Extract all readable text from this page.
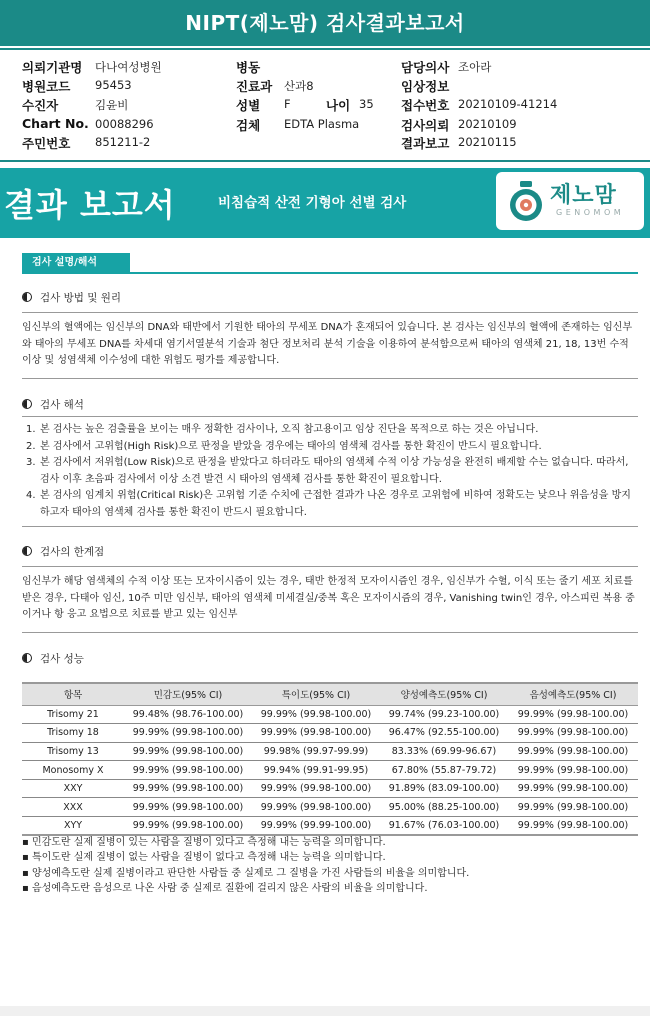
NIPT(제노맘) 검사결과보고서
의뢰기관명 다나여성병원
병원코드 95453
수진자	김윤비
Chart No. 00088296
주민번호 851211-2
병동
진료과 산과8
성별 F	나이 35
검체 EDTA Plasma
담당의사 조아라
임상정보
접수번호 20210109-41214
검사의뢰 20210109
결과보고 20210115
결과 보고서	비침습적 산전 기형아 선별 검사	제노맘
GENOMOM
검사 설명/해석
검사 방법 및 원리
임신부의 혈액에는 임신부의 DNA와 태반에서 기원한 태아의 무세포 DNA가 혼재되어 있습니다. 본 검사는 임신부의 혈액에 존재하는 임신부와 태아의 무세포 DNA를 차세대 염기서열분석 기술과 첨단 정보처리 분석 기술을 이용하여 분석함으로써 태아의 염색체 21, 18, 13번 수적 이상 및 성염색체 이수성에 대한 위험도 평가를 제공합니다.
검사 해석
1. 본 검사는 높은 검출률을 보이는 매우 정확한 검사이나, 오직 참고용이고 임상 진단을 목적으로 하는 것은 아닙니다.
2. 본 검사에서 고위험(High Risk)으로 판정을 받았을 경우에는 태아의 염색체 검사를 통한 확진이 반드시 필요합니다.
3. 본 검사에서 저위험(Low Risk)으로 판정을 받았다고 하더라도 태아의 염색체 수적 이상 가능성을 완전히 배제할 수는 없습니다. 따라서, 검사 이후 초음파 검사에서 이상 소견 발견 시 태아의 염색체 검사를 통한 확진이 필요합니다.
4. 본 검사의 임계치 위험(Critical Risk)은 고위험 기준 수치에 근접한 결과가 나온 경우로 고위험에 비하여 정확도는 낮으나 위음성을 방지하고자 태아의 염색체 검사를 통한 확진이 반드시 필요합니다.
검사의 한계점
임신부가 해당 염색체의 수적 이상 또는 모자이시즘이 있는 경우, 태반 한정적 모자이시즘인 경우, 임신부가 수혈, 이식 또는 줄기 세포 치료를 받은 경우, 다태아 임신, 10주 미만 임신부, 태아의 염색체 미세결실/중복 혹은 모자이시즘의 경우, Vanishing twin인 경우, 아스피린 복용 중이거나 항 응고 요법으로 치료를 받고 있는 임신부
검사 성능
항목	민감도(95% CI)	특이도(95% CI)	양성예측도(95% CI)	음성예측도(95% CI)
Trisomy 21	99.48% (98.76-100.00)	99.99% (99.98-100.00)	99.74% (99.23-100.00)	99.99% (99.98-100.00)
Trisomy 18	99.99% (99.98-100.00)	99.99% (99.98-100.00)	96.47% (92.55-100.00)	99.99% (99.98-100.00)
Trisomy 13	99.99% (99.98-100.00)	99.98% (99.97-99.99)	83.33% (69.99-96.67)	99.99% (99.98-100.00)
Monosomy X	99.99% (99.98-100.00)	99.94% (99.91-99.95)	67.80% (55.87-79.72)	99.99% (99.98-100.00)
XXY	99.99% (99.98-100.00)	99.99% (99.98-100.00)	91.89% (83.09-100.00)	99.99% (99.98-100.00)
XXX	99.99% (99.98-100.00)	99.99% (99.98-100.00)	95.00% (88.25-100.00)	99.99% (99.98-100.00)
XYY	99.99% (99.98-100.00)	99.99% (99.99-100.00)	91.67% (76.03-100.00)	99.99% (99.98-100.00)
▪ 민감도란 실제 질병이 있는 사람을 질병이 있다고 측정해 내는 능력을 의미합니다.
▪ 특이도란 실제 질병이 없는 사람을 질병이 없다고 측정해 내는 능력을 의미합니다.
▪ 양성예측도란 실제 질병이라고 판단한 사람들 중 실제로 그 질병을 가진 사람들의 비율을 의미합니다.
▪ 음성예측도란 음성으로 나온 사람 중 실제로 질환에 걸리지 않은 사람의 비율을 의미합니다.
